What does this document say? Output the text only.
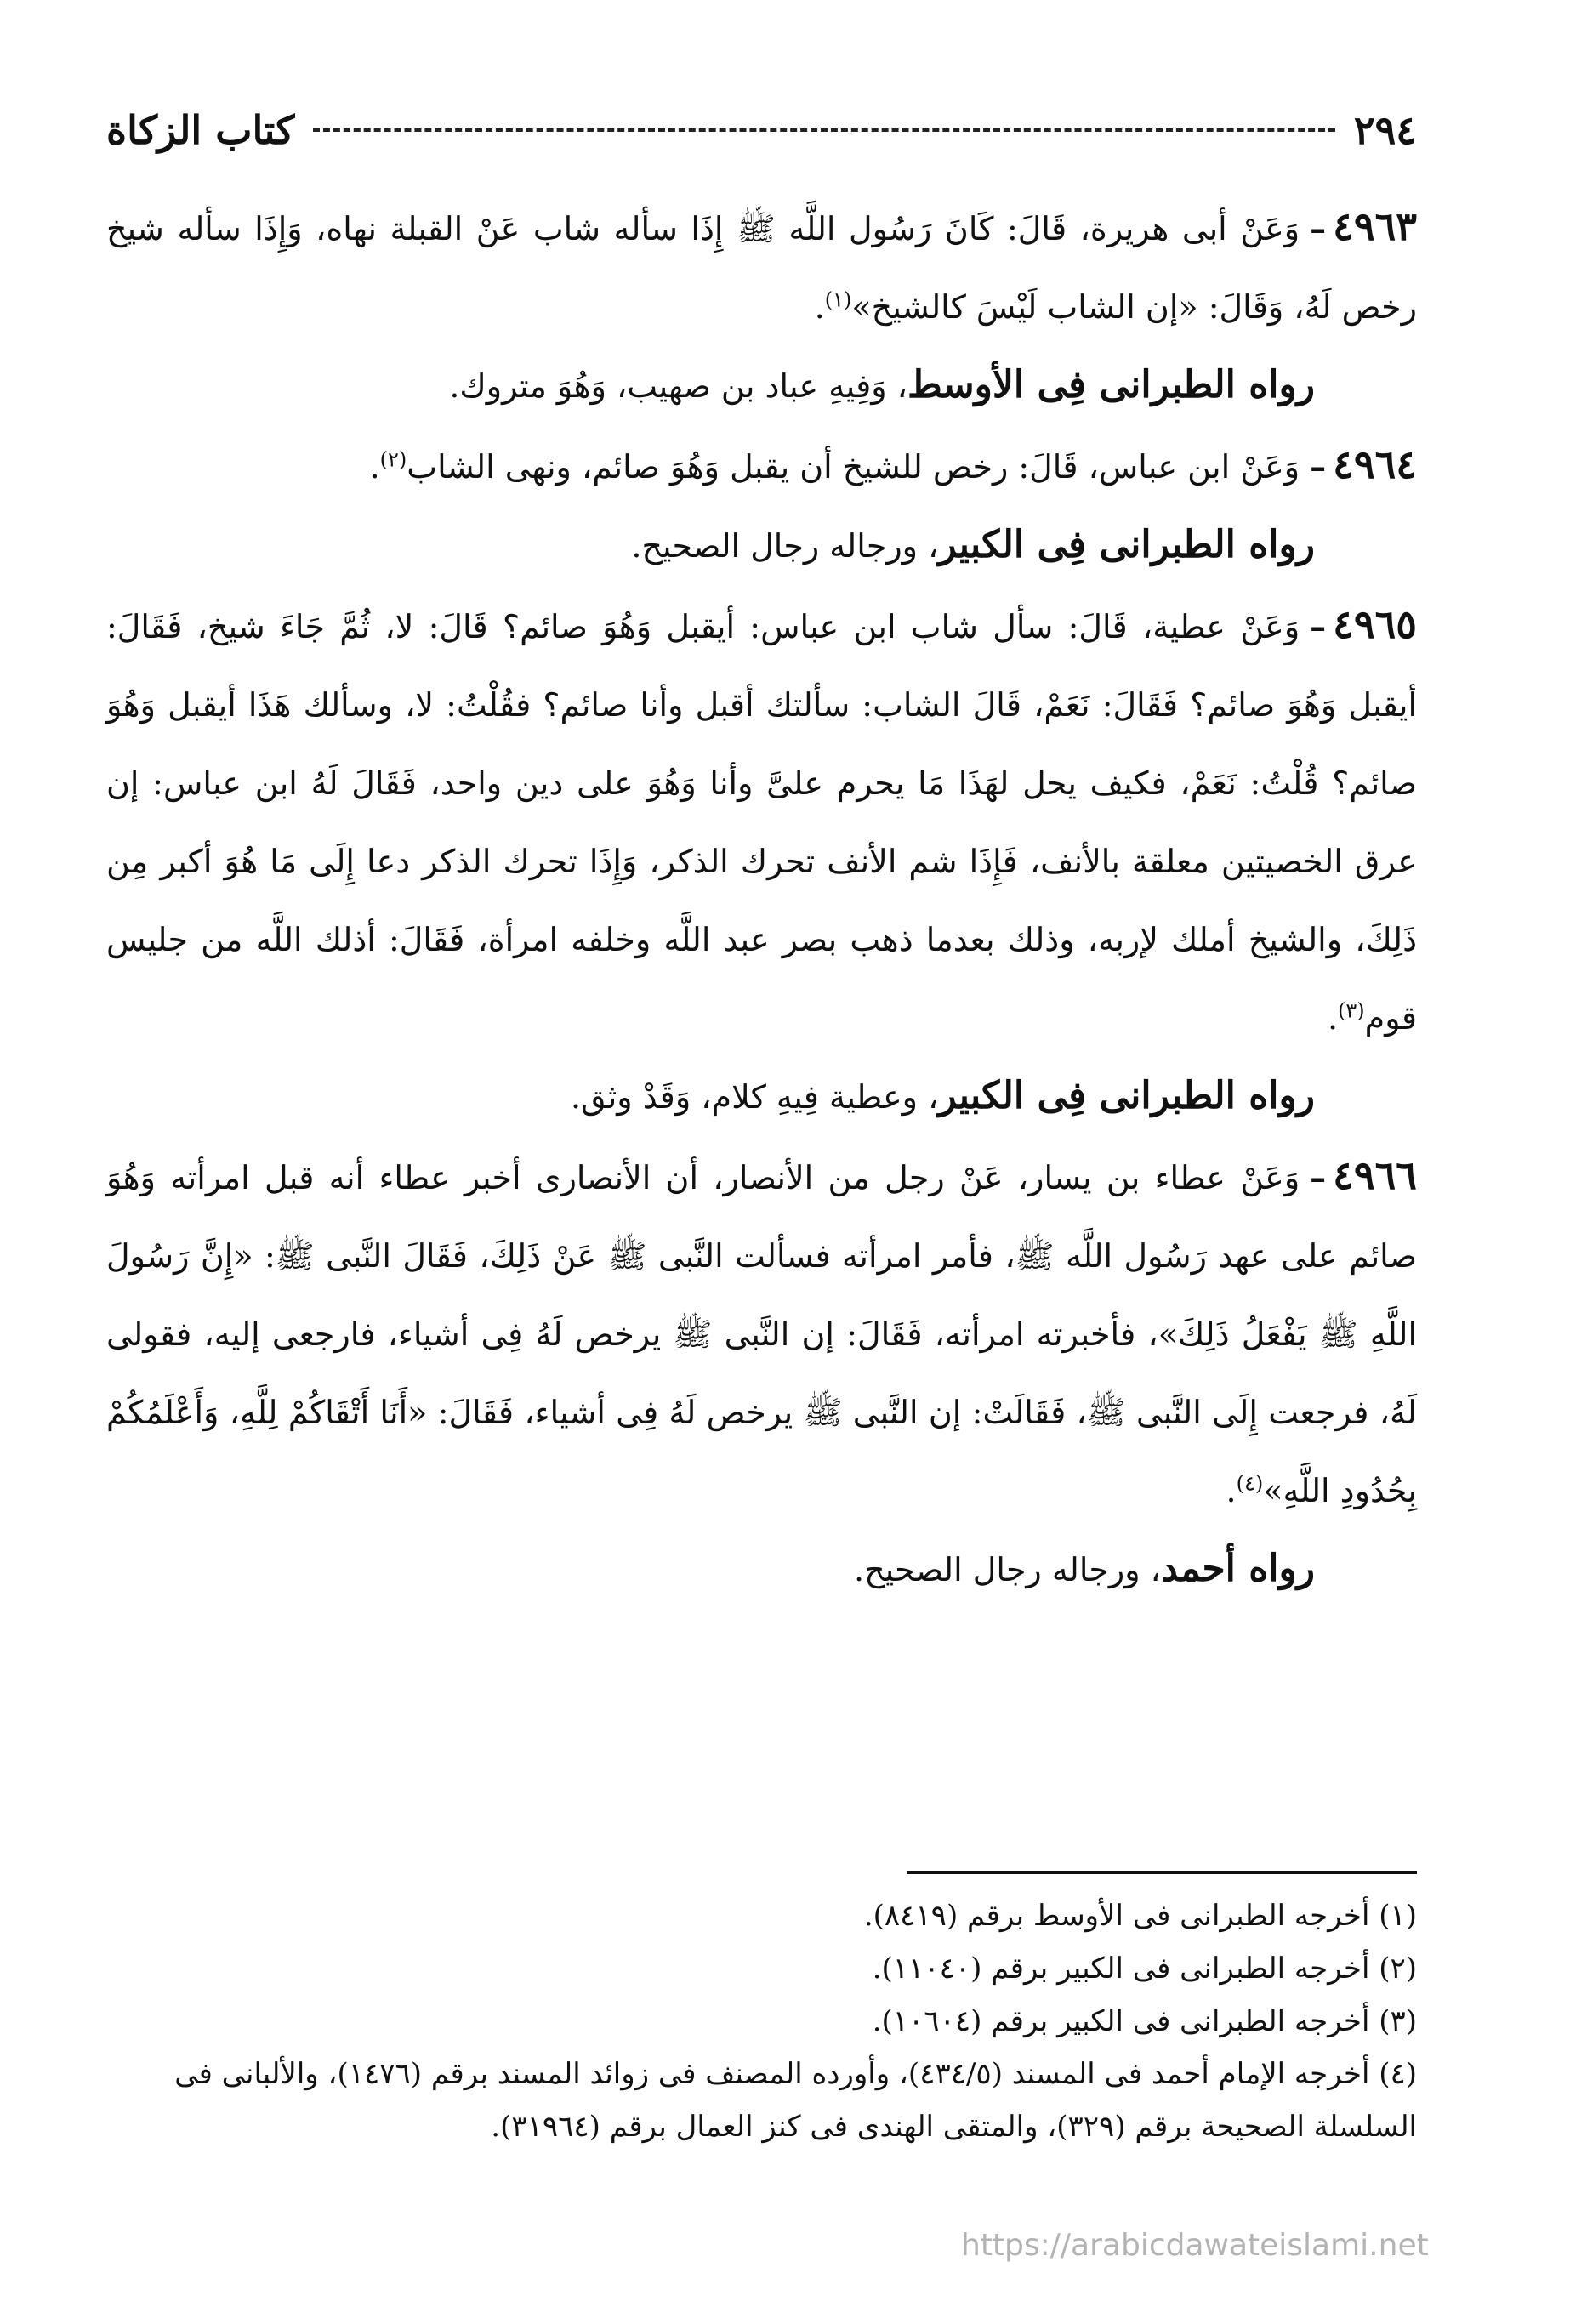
٢٩٤
كتاب الزكاة

٤٩٦٣–وَعَنْ أبى هريرة، قَالَ: كَانَ رَسُول اللَّه ﷺ إِذَا سأله شاب عَنْ القبلة نهاه، وَإِذَا سأله شيخ رخص لَهُ، وَقَالَ: «إن الشاب لَيْسَ كالشيخ»$^{(١)}$.

رواه الطبرانى فِى الأوسط، وَفِيهِ عباد بن صهيب، وَهُوَ متروك.

٤٩٦٤–وَعَنْ ابن عباس، قَالَ: رخص للشيخ أن يقبل وَهُوَ صائم، ونهى الشاب$^{(٢)}$.

رواه الطبرانى فِى الكبير، ورجاله رجال الصحيح.

٤٩٦٥–وَعَنْ عطية، قَالَ: سأل شاب ابن عباس: أيقبل وَهُوَ صائم؟ قَالَ: لا، ثُمَّ جَاءَ شيخ، فَقَالَ: أيقبل وَهُوَ صائم؟ فَقَالَ: نَعَمْ، قَالَ الشاب: سألتك أقبل وأنا صائم؟ فقُلْتُ: لا، وسألك هَذَا أيقبل وَهُوَ صائم؟ قُلْتُ: نَعَمْ، فكيف يحل لهَذَا مَا يحرم علىَّ وأنا وَهُوَ على دين واحد، فَقَالَ لَهُ ابن عباس: إن عرق الخصيتين معلقة بالأنف، فَإِذَا شم الأنف تحرك الذكر، وَإِذَا تحرك الذكر دعا إِلَى مَا هُوَ أكبر مِن ذَلِكَ، والشيخ أملك لإربه، وذلك بعدما ذهب بصر عبد اللَّه وخلفه امرأة، فَقَالَ: أذلك اللَّه من جليس قوم$^{(٣)}$.

رواه الطبرانى فِى الكبير، وعطية فِيهِ كلام، وَقَدْ وثق.

٤٩٦٦–وَعَنْ عطاء بن يسار، عَنْ رجل من الأنصار، أن الأنصارى أخبر عطاء أنه قبل امرأته وَهُوَ صائم على عهد رَسُول اللَّه ﷺ، فأمر امرأته فسألت النَّبى ﷺ عَنْ ذَلِكَ، فَقَالَ النَّبى ﷺ: «إِنَّ رَسُولَ اللَّهِ ﷺ يَفْعَلُ ذَلِكَ»، فأخبرته امرأته، فَقَالَ: إن النَّبى ﷺ يرخص لَهُ فِى أشياء، فارجعى إليه، فقولى لَهُ، فرجعت إِلَى النَّبى ﷺ، فَقَالَتْ: إن النَّبى ﷺ يرخص لَهُ فِى أشياء، فَقَالَ: «أَنَا أَتْقَاكُمْ لِلَّهِ، وَأَعْلَمُكُمْ بِحُدُودِ اللَّهِ»$^{(٤)}$.

رواه أحمد، ورجاله رجال الصحيح.

(١) أخرجه الطبرانى فى الأوسط برقم (٨٤١٩).

(٢) أخرجه الطبرانى فى الكبير برقم (١١٠٤٠).

(٣) أخرجه الطبرانى فى الكبير برقم (١٠٦٠٤).

(٤) أخرجه الإمام أحمد فى المسند (٤٣٤/٥)، وأورده المصنف فى زوائد المسند برقم (١٤٧٦)، والألبانى فى السلسلة الصحيحة برقم (٣٢٩)، والمتقى الهندى فى كنز العمال برقم (٣١٩٦٤).

https://arabicdawateislami.net
